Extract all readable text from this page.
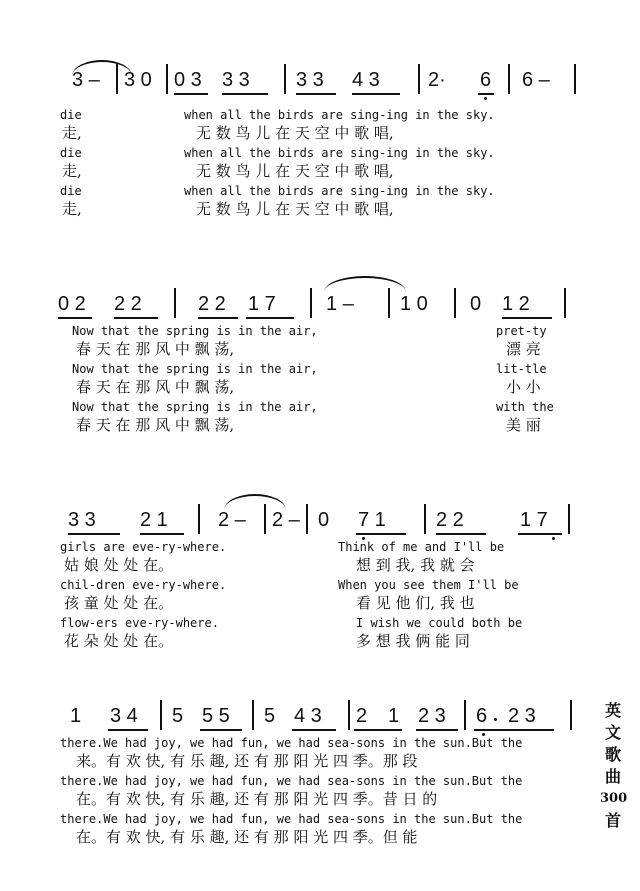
3 – 3 0 0 3 3 3 3 3 4 3 2· 6 6 –
die	when all the birds are sing-ing in the sky.
走,	无 数 鸟 儿 在 天 空 中 歌 唱,
die	when all the birds are sing-ing in the sky.
走,	无 数 鸟 儿 在 天 空 中 歌 唱,
die	when all the birds are sing-ing in the sky.
走,	无 数 鸟 儿 在 天 空 中 歌 唱,
0 2 2 2	2 2 1 7	1 – 1 0 0 1 2
Now that the spring is in the air,	pret-ty
春 天 在 那 风 中 飘 荡,	漂 亮
Now that the spring is in the air,	lit-tle
春 天 在 那 风 中 飘 荡,	小 小
Now that the spring is in the air,	with the
春 天 在 那 风 中 飘 荡,	美 丽
3 3 2 1	2 – 2 – 0 7 1	2 2	1 7
girls are eve-ry-where.	Think of me and I'll be
姑 娘 处 处 在。	想 到 我, 我 就 会
chil-dren eve-ry-where.	When you see them I'll be
孩 童 处 处 在。	看 见 他 们, 我 也
flow-ers eve-ry-where.	I wish we could both be
花 朵 处 处 在。	多 想 我 俩 能 同
1 3 4 5 5 5 5 4 3 2 1 2 3 6 2 3
there.We had joy, we had fun, we had sea-sons in the sun.But the
来。有 欢 快, 有 乐 趣, 还 有 那 阳 光 四 季。那 段
there.We had joy, we had fun, we had sea-sons in the sun.But the
在。有 欢 快, 有 乐 趣, 还 有 那 阳 光 四 季。昔 日 的
there.We had joy, we had fun, we had sea-sons in the sun.But the
在。有 欢 快, 有 乐 趣, 还 有 那 阳 光 四 季。但 能
英
文
歌
曲
300
首
